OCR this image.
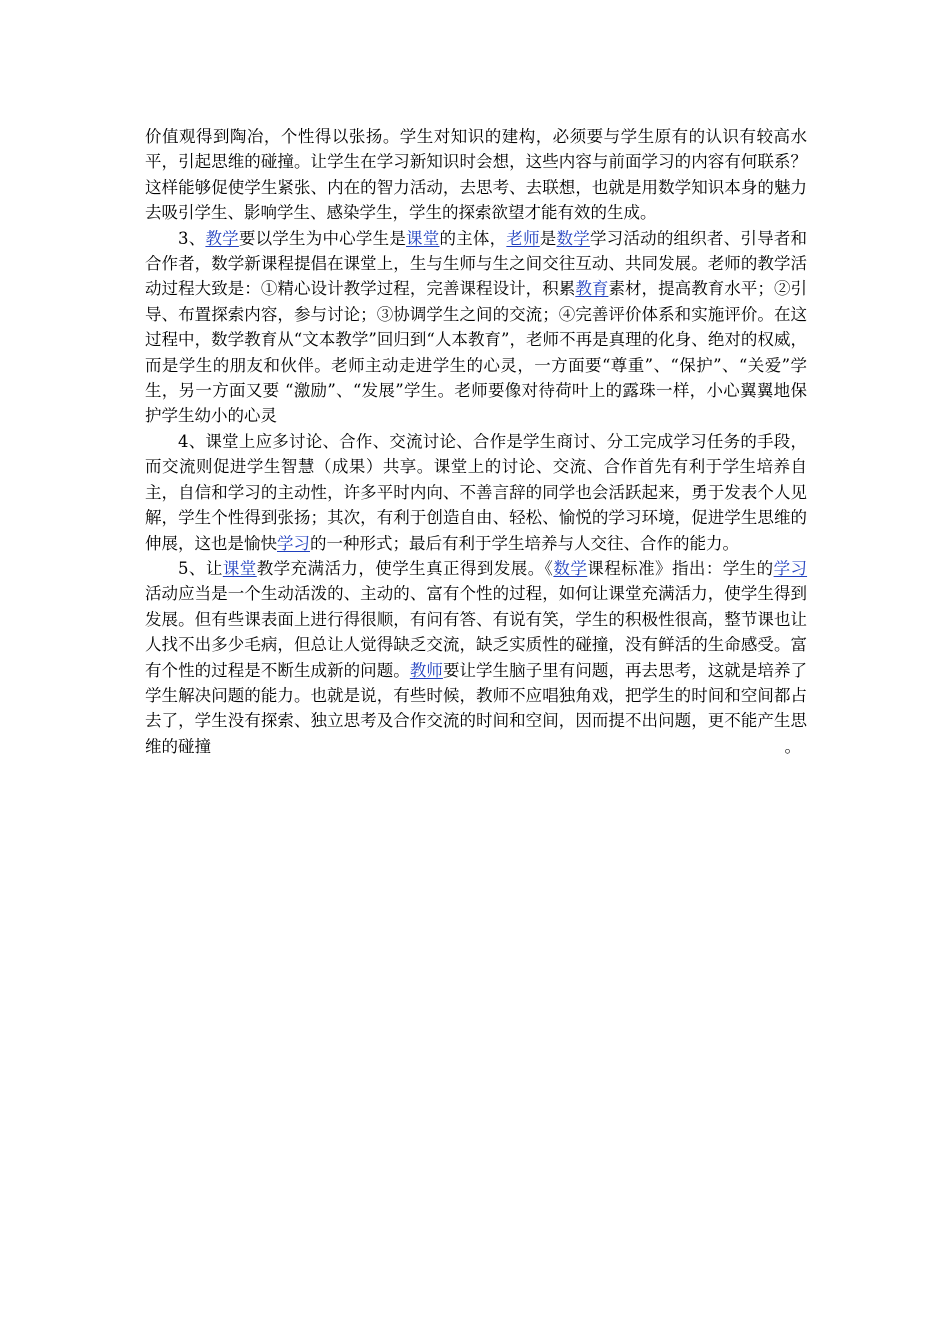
价值观得到陶冶，个性得以张扬。学生对知识的建构，必须要与学生原有的认识有较高水平，引起思维的碰撞。让学生在学习新知识时会想，这些内容与前面学习的内容有何联系？这样能够促使学生紧张、内在的智力活动，去思考、去联想，也就是用数学知识本身的魅力去吸引学生、影响学生、感染学生，学生的探索欲望才能有效的生成。

3、教学要以学生为中心学生是课堂的主体，老师是数学学习活动的组织者、引导者和合作者，数学新课程提倡在课堂上，生与生师与生之间交往互动、共同发展。老师的教学活动过程大致是：①精心设计教学过程，完善课程设计，积累教育素材，提高教育水平；②引导、布置探索内容，参与讨论；③协调学生之间的交流；④完善评价体系和实施评价。在这过程中，数学教育从“文本教学”回归到“人本教育”，老师不再是真理的化身、绝对的权威，而是学生的朋友和伙伴。老师主动走进学生的心灵，一方面要“尊重”、“保护”、“关爱”学生，另一方面又要 “激励”、“发展”学生。老师要像对待荷叶上的露珠一样，小心翼翼地保护学生幼小的心灵

4、课堂上应多讨论、合作、交流讨论、合作是学生商讨、分工完成学习任务的手段，而交流则促进学生智慧（成果）共享。课堂上的讨论、交流、合作首先有利于学生培养自主，自信和学习的主动性，许多平时内向、不善言辞的同学也会活跃起来，勇于发表个人见解，学生个性得到张扬；其次，有利于创造自由、轻松、愉悦的学习环境，促进学生思维的伸展，这也是愉快学习的一种形式；最后有利于学生培养与人交往、合作的能力。

5、让课堂教学充满活力，使学生真正得到发展。《数学课程标准》指出：学生的学习活动应当是一个生动活泼的、主动的、富有个性的过程，如何让课堂充满活力，使学生得到发展。但有些课表面上进行得很顺，有问有答、有说有笑，学生的积极性很高，整节课也让人找不出多少毛病，但总让人觉得缺乏交流，缺乏实质性的碰撞，没有鲜活的生命感受。富有个性的过程是不断生成新的问题。教师要让学生脑子里有问题，再去思考，这就是培养了学生解决问题的能力。也就是说，有些时候，教师不应唱独角戏，把学生的时间和空间都占去了，学生没有探索、独立思考及合作交流的时间和空间，因而提不出问题，更不能产生思维的碰撞	。
